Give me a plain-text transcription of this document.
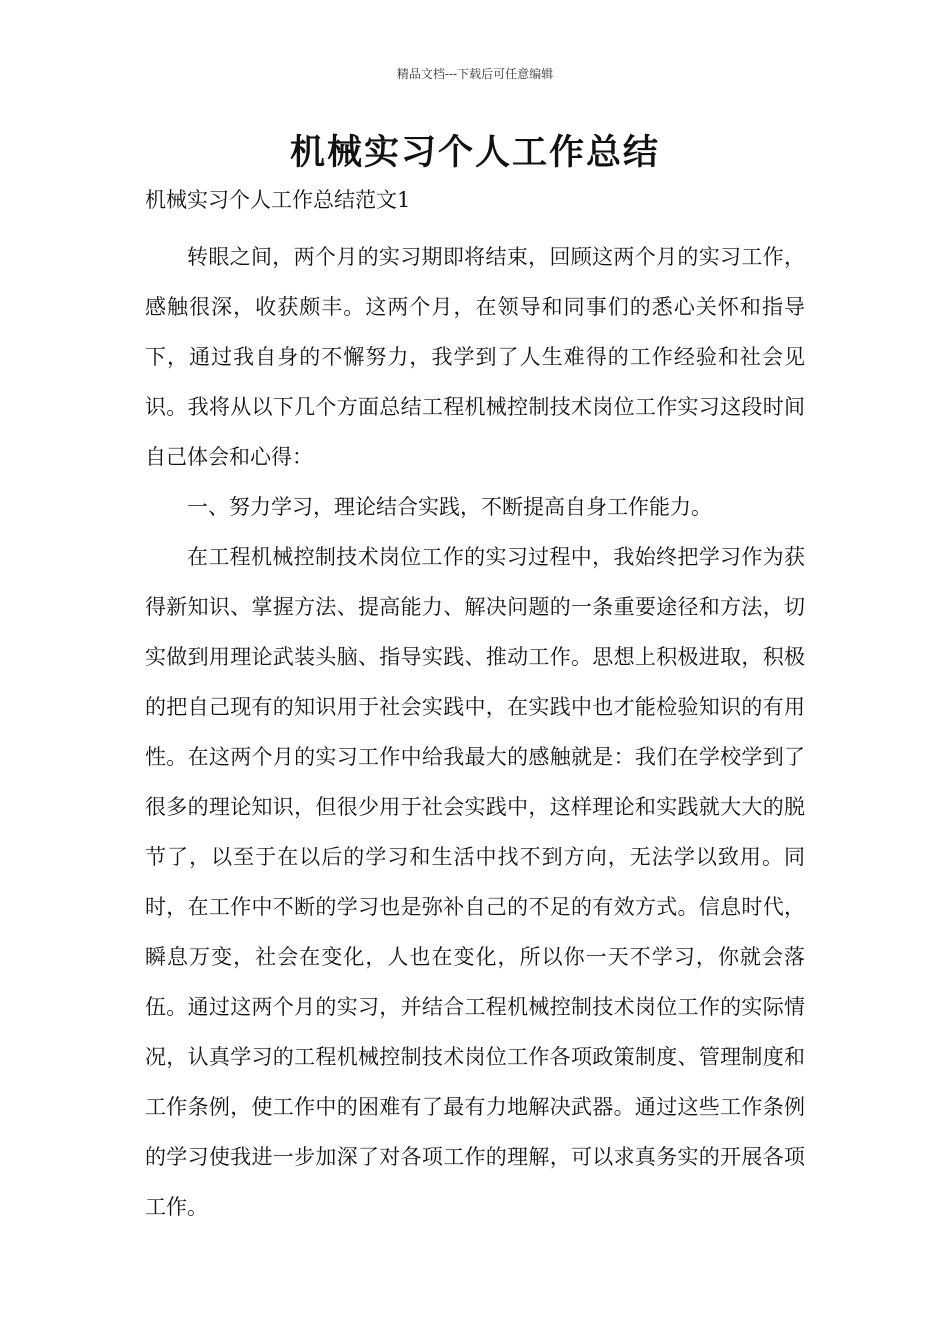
精品文档---下载后可任意编辑
机械实习个人工作总结

机械实习个人工作总结范文1

转眼之间，两个月的实习期即将结束，回顾这两个月的实习工作，感触很深，收获颇丰。这两个月，在领导和同事们的悉心关怀和指导下，通过我自身的不懈努力，我学到了人生难得的工作经验和社会见识。我将从以下几个方面总结工程机械控制技术岗位工作实习这段时间自己体会和心得：

一、努力学习，理论结合实践，不断提高自身工作能力。

在工程机械控制技术岗位工作的实习过程中，我始终把学习作为获得新知识、掌握方法、提高能力、解决问题的一条重要途径和方法，切实做到用理论武装头脑、指导实践、推动工作。思想上积极进取，积极的把自己现有的知识用于社会实践中，在实践中也才能检验知识的有用性。在这两个月的实习工作中给我最大的感触就是：我们在学校学到了很多的理论知识，但很少用于社会实践中，这样理论和实践就大大的脱节了，以至于在以后的学习和生活中找不到方向，无法学以致用。同时，在工作中不断的学习也是弥补自己的不足的有效方式。信息时代，瞬息万变，社会在变化，人也在变化，所以你一天不学习，你就会落伍。通过这两个月的实习，并结合工程机械控制技术岗位工作的实际情况，认真学习的工程机械控制技术岗位工作各项政策制度、管理制度和工作条例，使工作中的困难有了最有力地解决武器。通过这些工作条例的学习使我进一步加深了对各项工作的理解，可以求真务实的开展各项工作。
